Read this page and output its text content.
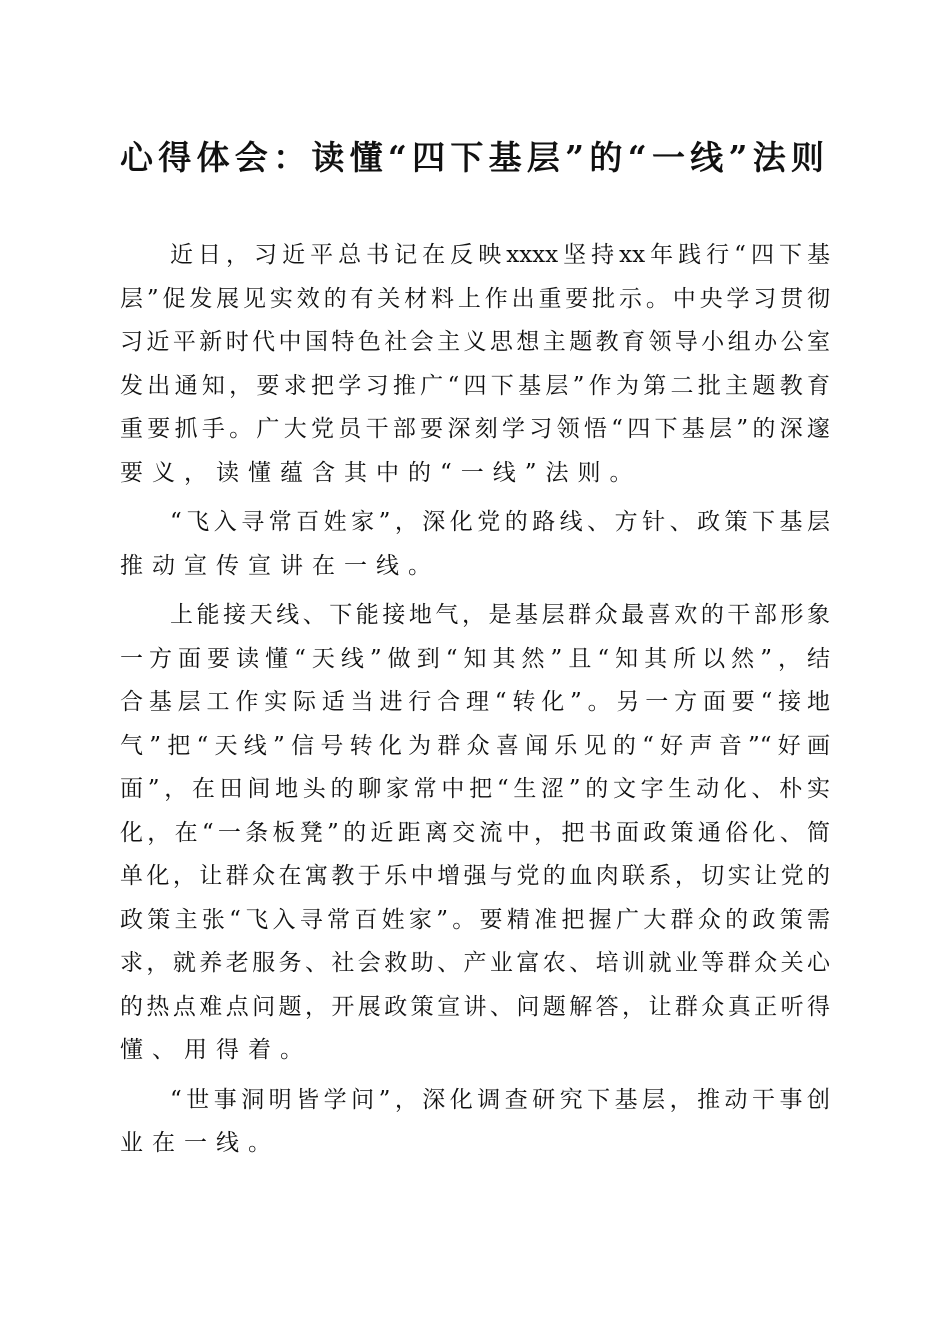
心得体会：读懂“四下基层”的“一线”法则
近日，习近平总书记在反映xxxx坚持xx年践行“四下基
层”促发展见实效的有关材料上作出重要批示。中央学习贯彻
习近平新时代中国特色社会主义思想主题教育领导小组办公室
发出通知，要求把学习推广“四下基层”作为第二批主题教育
重要抓手。广大党员干部要深刻学习领悟“四下基层”的深邃
要义，读懂蕴含其中的“一线”法则。
“飞入寻常百姓家”，深化党的路线、方针、政策下基层
推动宣传宣讲在一线。
上能接天线、下能接地气，是基层群众最喜欢的干部形象
一方面要读懂“天线”做到“知其然”且“知其所以然”，结
合基层工作实际适当进行合理“转化”。另一方面要“接地
气”把“天线”信号转化为群众喜闻乐见的“好声音”“好画
面”，在田间地头的聊家常中把“生涩”的文字生动化、朴实
化，在“一条板凳”的近距离交流中，把书面政策通俗化、简
单化，让群众在寓教于乐中增强与党的血肉联系，切实让党的
政策主张“飞入寻常百姓家”。要精准把握广大群众的政策需
求，就养老服务、社会救助、产业富农、培训就业等群众关心
的热点难点问题，开展政策宣讲、问题解答，让群众真正听得
懂、用得着。
“世事洞明皆学问”，深化调查研究下基层，推动干事创
业在一线。
